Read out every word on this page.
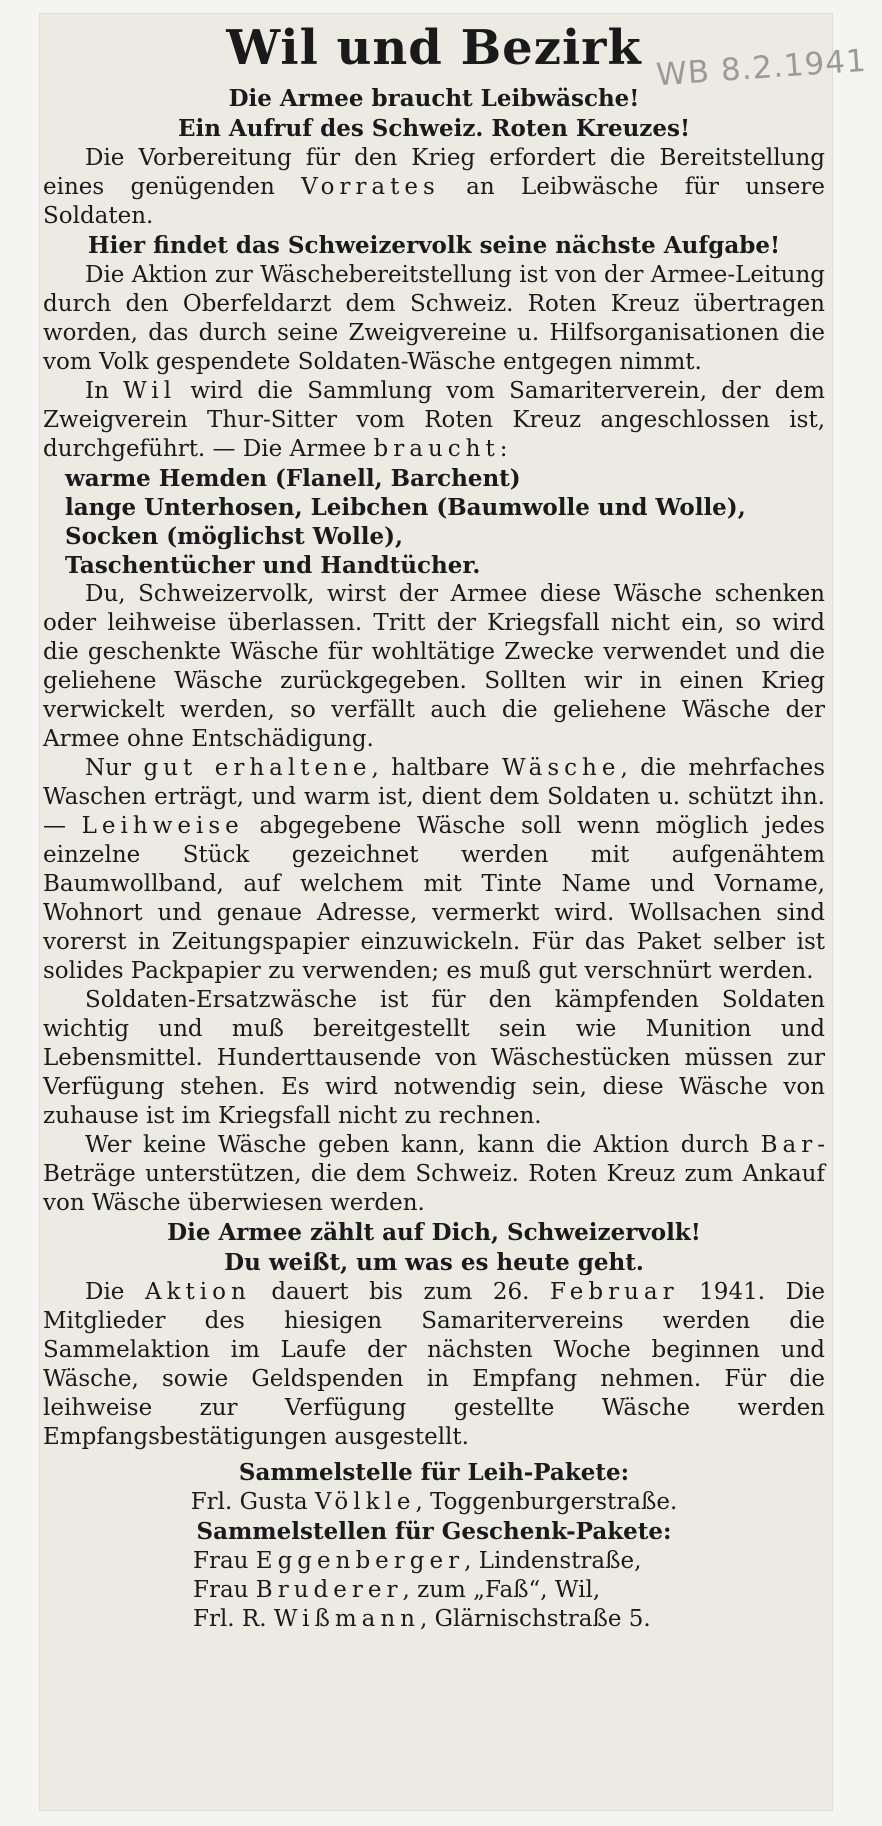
WB 8.2.1941
Wil und Bezirk
Die Armee braucht Leibwäsche!
Ein Aufruf des Schweiz. Roten Kreuzes!

Die Vorbereitung für den Krieg erfordert die Bereitstellung eines genügenden Vorrates an Leibwäsche für unsere Soldaten.

Hier findet das Schweizervolk seine nächste Aufgabe!

Die Aktion zur Wäschebereitstellung ist von der Armee-Leitung durch den Oberfeldarzt dem Schweiz. Roten Kreuz übertragen worden, das durch seine Zweigvereine u. Hilfsorganisationen die vom Volk gespendete Soldaten-Wäsche entgegen nimmt.

In Wil wird die Sammlung vom Samariterverein, der dem Zweigverein Thur-Sitter vom Roten Kreuz angeschlossen ist, durchgeführt. — Die Armee braucht:

warme Hemden (Flanell, Barchent)
lange Unterhosen, Leibchen (Baumwolle und Wolle),
Socken (möglichst Wolle),
Taschentücher und Handtücher.

Du, Schweizervolk, wirst der Armee diese Wäsche schenken oder leihweise überlassen. Tritt der Kriegsfall nicht ein, so wird die geschenkte Wäsche für wohltätige Zwecke verwendet und die geliehene Wäsche zurückgegeben. Sollten wir in einen Krieg verwickelt werden, so verfällt auch die geliehene Wäsche der Armee ohne Entschädigung.

Nur gut erhaltene, haltbare Wäsche, die mehrfaches Waschen erträgt, und warm ist, dient dem Soldaten u. schützt ihn. — Leihweise abgegebene Wäsche soll wenn möglich jedes einzelne Stück gezeichnet werden mit aufgenähtem Baumwollband, auf welchem mit Tinte Name und Vorname, Wohnort und genaue Adresse, vermerkt wird. Wollsachen sind vorerst in Zeitungspapier einzuwickeln. Für das Paket selber ist solides Packpapier zu verwenden; es muß gut verschnürt werden.

Soldaten-Ersatzwäsche ist für den kämpfenden Soldaten wichtig und muß bereitgestellt sein wie Munition und Lebensmittel. Hunderttausende von Wäschestücken müssen zur Verfügung stehen. Es wird notwendig sein, diese Wäsche von zuhause ist im Kriegsfall nicht zu rechnen.

Wer keine Wäsche geben kann, kann die Aktion durch Bar-Beträge unterstützen, die dem Schweiz. Roten Kreuz zum Ankauf von Wäsche überwiesen werden.

Die Armee zählt auf Dich, Schweizervolk!
Du weißt, um was es heute geht.

Die Aktion dauert bis zum 26. Februar 1941. Die Mitglieder des hiesigen Samaritervereins werden die Sammelaktion im Laufe der nächsten Woche beginnen und Wäsche, sowie Geldspenden in Empfang nehmen. Für die leihweise zur Verfügung gestellte Wäsche werden Empfangsbestätigungen ausgestellt.

Sammelstelle für Leih-Pakete:
Frl. Gusta Völkle, Toggenburgerstraße.
Sammelstellen für Geschenk-Pakete:
Frau Eggenberger, Lindenstraße,
Frau Bruderer, zum „Faß“, Wil,
Frl. R. Wißmann, Glärnischstraße 5.
